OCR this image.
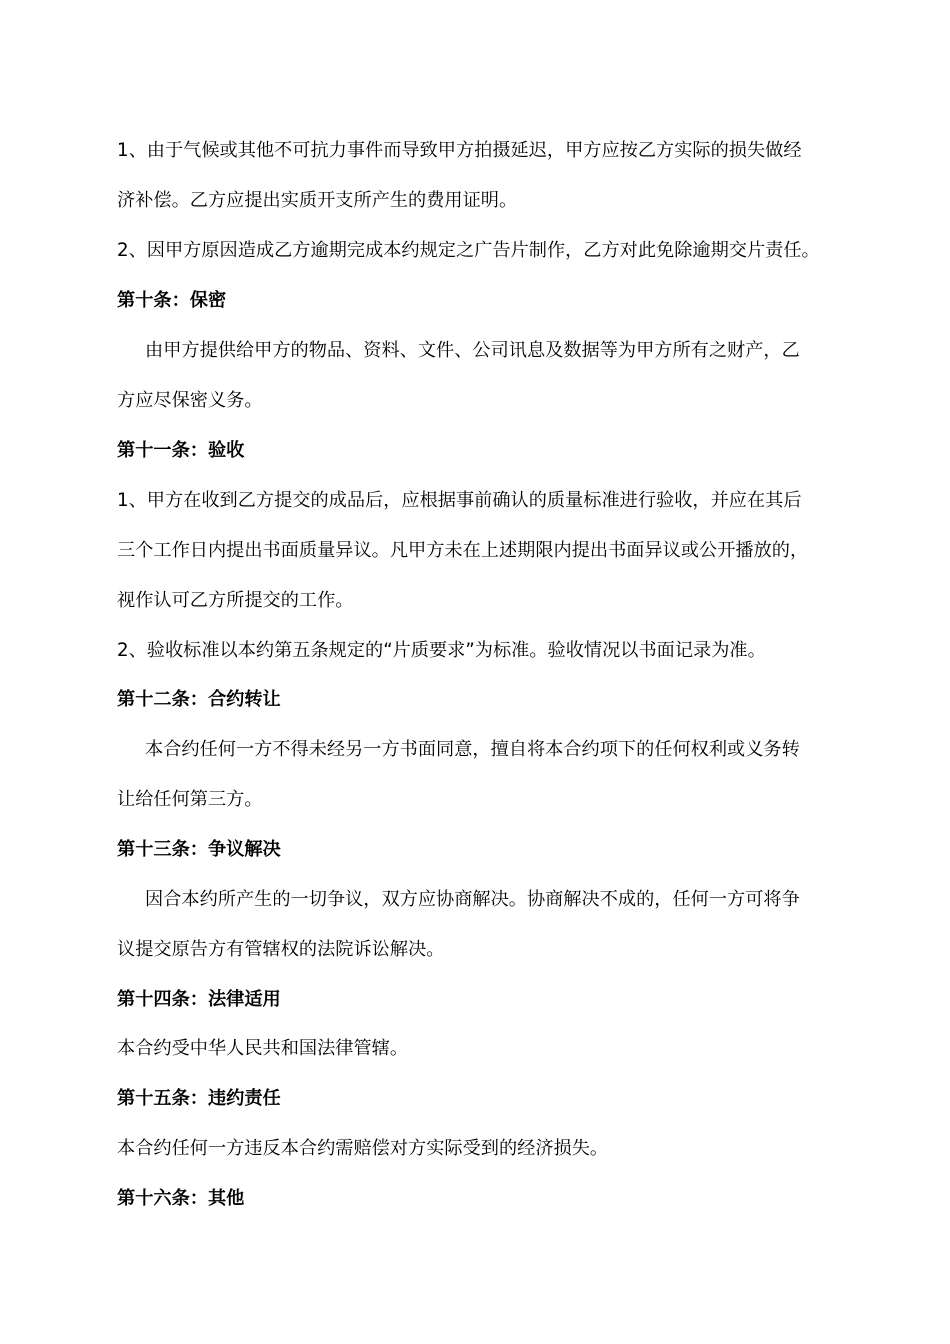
1、由于气候或其他不可抗力事件而导致甲方拍摄延迟，甲方应按乙方实际的损失做经
济补偿。乙方应提出实质开支所产生的费用证明。
2、因甲方原因造成乙方逾期完成本约规定之广告片制作，乙方对此免除逾期交片责任。
第十条：保密
由甲方提供给甲方的物品、资料、文件、公司讯息及数据等为甲方所有之财产，乙
方应尽保密义务。
第十一条：验收
1、甲方在收到乙方提交的成品后，应根据事前确认的质量标准进行验收，并应在其后
三个工作日内提出书面质量异议。凡甲方未在上述期限内提出书面异议或公开播放的，
视作认可乙方所提交的工作。
2、验收标准以本约第五条规定的“片质要求”为标准。验收情况以书面记录为准。
第十二条：合约转让
本合约任何一方不得未经另一方书面同意，擅自将本合约项下的任何权利或义务转
让给任何第三方。
第十三条：争议解决
因合本约所产生的一切争议，双方应协商解决。协商解决不成的，任何一方可将争
议提交原告方有管辖权的法院诉讼解决。
第十四条：法律适用
本合约受中华人民共和国法律管辖。
第十五条：违约责任
本合约任何一方违反本合约需赔偿对方实际受到的经济损失。
第十六条：其他
